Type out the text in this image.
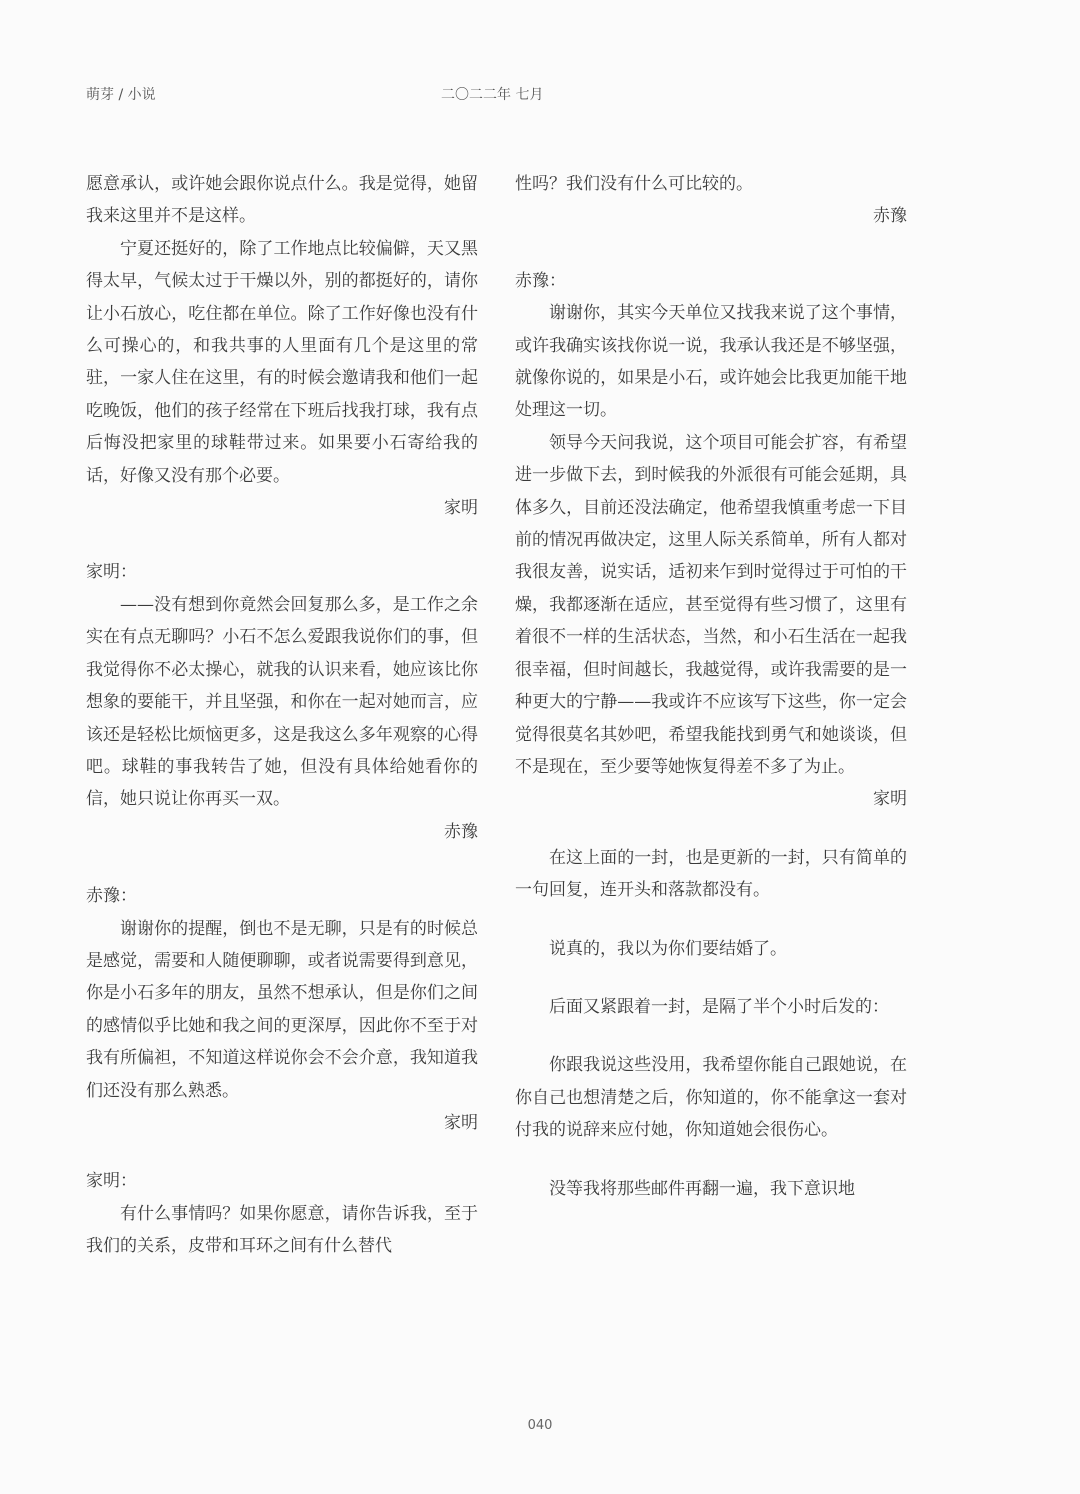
萌芽 / 小说	二〇二二年 七月

愿意承认，或许她会跟你说点什么。我是觉得，她留我来这里并不是这样。

宁夏还挺好的，除了工作地点比较偏僻，天又黑得太早，气候太过于干燥以外，别的都挺好的，请你让小石放心，吃住都在单位。除了工作好像也没有什么可操心的，和我共事的人里面有几个是这里的常驻，一家人住在这里，有的时候会邀请我和他们一起吃晚饭，他们的孩子经常在下班后找我打球，我有点后悔没把家里的球鞋带过来。如果要小石寄给我的话，好像又没有那个必要。

家明

家明：

——没有想到你竟然会回复那么多，是工作之余实在有点无聊吗？小石不怎么爱跟我说你们的事，但我觉得你不必太操心，就我的认识来看，她应该比你想象的要能干，并且坚强，和你在一起对她而言，应该还是轻松比烦恼更多，这是我这么多年观察的心得吧。球鞋的事我转告了她，但没有具体给她看你的信，她只说让你再买一双。

赤豫

赤豫：

谢谢你的提醒，倒也不是无聊，只是有的时候总是感觉，需要和人随便聊聊，或者说需要得到意见，你是小石多年的朋友，虽然不想承认，但是你们之间的感情似乎比她和我之间的更深厚，因此你不至于对我有所偏袒，不知道这样说你会不会介意，我知道我们还没有那么熟悉。

家明

家明：

有什么事情吗？如果你愿意，请你告诉我，至于我们的关系，皮带和耳环之间有什么替代

性吗？我们没有什么可比较的。

赤豫

赤豫：

谢谢你，其实今天单位又找我来说了这个事情，或许我确实该找你说一说，我承认我还是不够坚强，就像你说的，如果是小石，或许她会比我更加能干地处理这一切。

领导今天问我说，这个项目可能会扩容，有希望进一步做下去，到时候我的外派很有可能会延期，具体多久，目前还没法确定，他希望我慎重考虑一下目前的情况再做决定，这里人际关系简单，所有人都对我很友善，说实话，适初来乍到时觉得过于可怕的干燥，我都逐渐在适应，甚至觉得有些习惯了，这里有着很不一样的生活状态，当然，和小石生活在一起我很幸福，但时间越长，我越觉得，或许我需要的是一种更大的宁静——我或许不应该写下这些，你一定会觉得很莫名其妙吧，希望我能找到勇气和她谈谈，但不是现在，至少要等她恢复得差不多了为止。

家明

在这上面的一封，也是更新的一封，只有简单的一句回复，连开头和落款都没有。

说真的，我以为你们要结婚了。

后面又紧跟着一封，是隔了半个小时后发的：

你跟我说这些没用，我希望你能自己跟她说，在你自己也想清楚之后，你知道的，你不能拿这一套对付我的说辞来应付她，你知道她会很伤心。

没等我将那些邮件再翻一遍，我下意识地

040
